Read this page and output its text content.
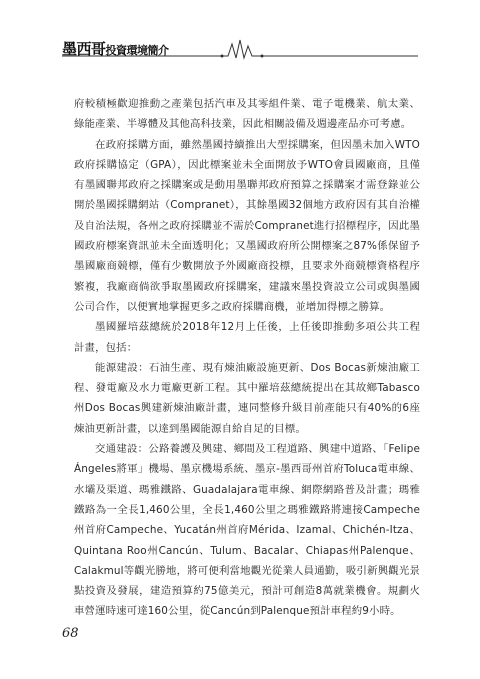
墨西哥投資環境簡介

府較積極歡迎推動之產業包括汽車及其零組件業、電子電機業、航太業、綠能產業、半導體及其他高科技業，因此相關設備及週邊產品亦可考慮。

在政府採購方面，雖然墨國持續推出大型採購案，但因墨未加入WTO政府採購協定（GPA），因此標案並未全面開放予WTO會員國廠商，且僅有墨國聯邦政府之採購案或是動用墨聯邦政府預算之採購案才需登錄並公開於墨國採購網站（Compranet），其餘墨國32個地方政府因有其自治權及自治法規，各州之政府採購並不需於Compranet進行招標程序，因此墨國政府標案資訊並未全面透明化；又墨國政府所公開標案之87%係保留予墨國廠商競標，僅有少數開放予外國廠商投標，且要求外商競標資格程序繁複，我廠商倘欲爭取墨國政府採購案，建議來墨投資設立公司或與墨國公司合作，以便實地掌握更多之政府採購商機，並增加得標之勝算。

墨國羅培茲總統於2018年12月上任後，上任後即推動多項公共工程計畫，包括：

能源建設：石油生產、現有煉油廠設施更新、Dos Bocas新煉油廠工程、發電廠及水力電廠更新工程。其中羅培茲總統提出在其故鄉Tabasco州Dos Bocas興建新煉油廠計畫，連同整修升級目前產能只有40%的6座煉油更新計畫，以達到墨國能源自給自足的目標。

交通建設：公路養護及興建、鄉間及工程道路、興建中道路、「Felipe Ángeles將軍」機場、墨京機場系統、墨京-墨西哥州首府Toluca電車線、水壩及渠道、瑪雅鐵路、Guadalajara電車線、網際網路普及計畫；瑪雅鐵路為一全長1,460公里，全長1,460公里之瑪雅鐵路將連接Campeche州首府Campeche、Yucatán州首府Mérida、Izamal、Chichén-Itza、Quintana Roo州Cancún、Tulum、Bacalar、Chiapas州Palenque、Calakmul等觀光勝地，將可便利當地觀光從業人員通勤，吸引新興觀光景點投資及發展，建造預算約75億美元，預計可創造8萬就業機會。規劃火車營運時速可達160公里，從Cancún到Palenque預計車程約9小時。

68
